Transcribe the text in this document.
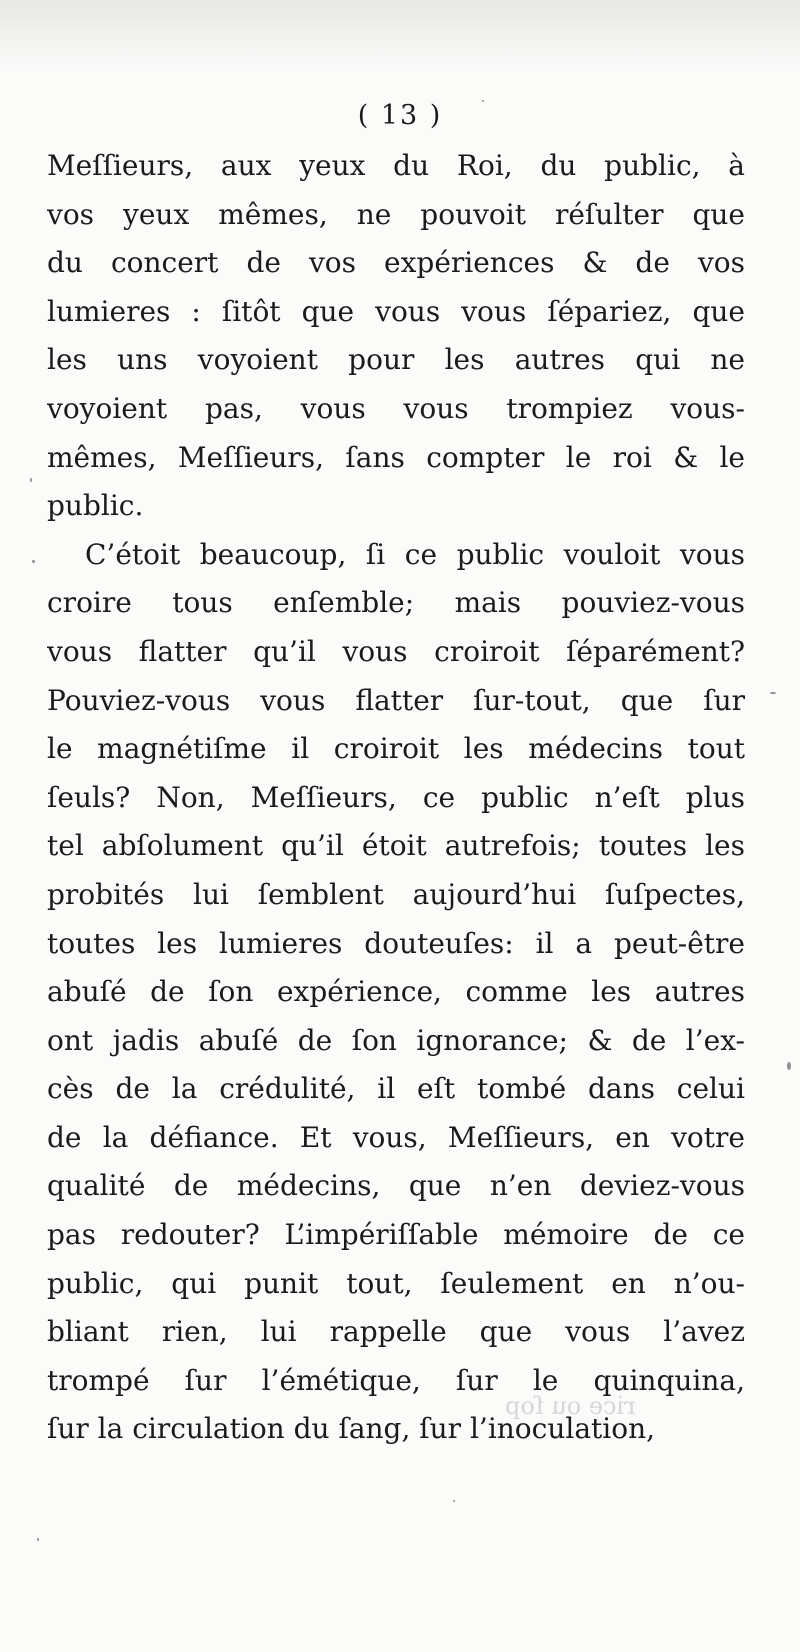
( 13 )
Meſſieurs, aux yeux du Roi, du public, à
vos yeux mêmes, ne pouvoit réſulter que
du concert de vos expériences & de vos
lumieres : ſitôt que vous vous ſépariez, que
les uns voyoient pour les autres qui ne
voyoient pas, vous vous trompiez vous-
mêmes, Meſſieurs, ſans compter le roi & le
public.
C’étoit beaucoup, ſi ce public vouloit vous
croire tous enſemble; mais pouviez-vous
vous flatter qu’il vous croiroit ſéparément?
Pouviez-vous vous flatter ſur-tout, que ſur
le magnétiſme il croiroit les médecins tout
ſeuls? Non, Meſſieurs, ce public n’eſt plus
tel abſolument qu’il étoit autrefois; toutes les
probités lui ſemblent aujourd’hui ſuſpectes,
toutes les lumieres douteuſes: il a peut-être
abuſé de ſon expérience, comme les autres
ont jadis abuſé de ſon ignorance; & de l’ex-
cès de la crédulité, il eſt tombé dans celui
de la défiance. Et vous, Meſſieurs, en votre
qualité de médecins, que n’en deviez-vous
pas redouter? L’impériſſable mémoire de ce
public, qui punit tout, ſeulement en n’ou-
bliant rien, lui rappelle que vous l’avez
trompé ſur l’émétique, ſur le quinquina,
ſur la circulation du ſang, ſur l’inoculation,
rice ou ſop
